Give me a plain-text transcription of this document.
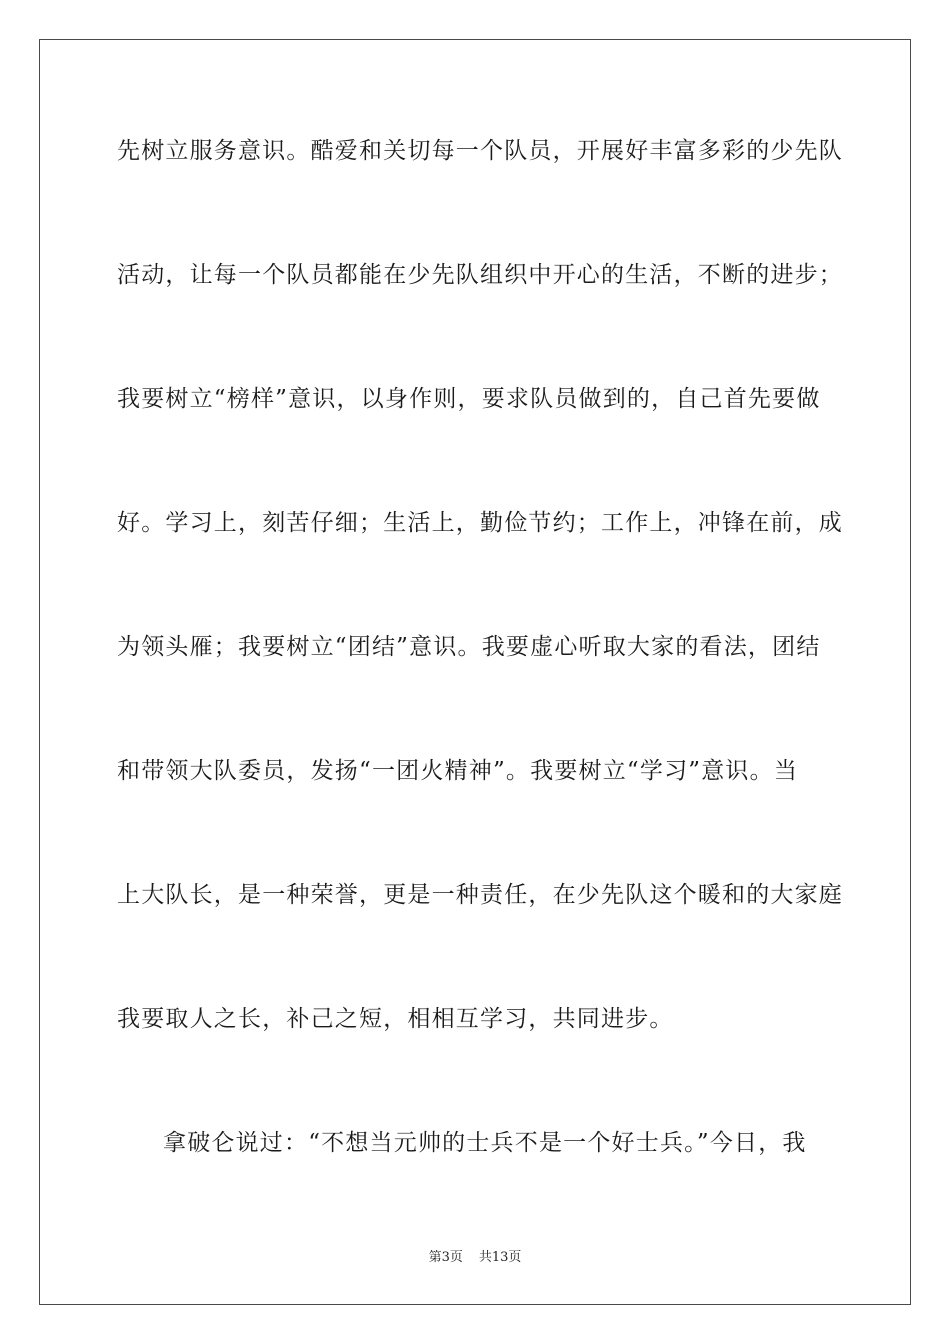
先树立服务意识。酷爱和关切每一个队员，开展好丰富多彩的少先队
活动，让每一个队员都能在少先队组织中开心的生活，不断的进步；
我要树立“榜样”意识，以身作则，要求队员做到的，自己首先要做
好。学习上，刻苦仔细；生活上，勤俭节约；工作上，冲锋在前，成
为领头雁；我要树立“团结”意识。我要虚心听取大家的看法，团结
和带领大队委员，发扬“一团火精神”。我要树立“学习”意识。当
上大队长，是一种荣誉，更是一种责任，在少先队这个暖和的大家庭
我要取人之长，补己之短，相相互学习，共同进步。
拿破仑说过：“不想当元帅的士兵不是一个好士兵。”今日，我
第3页 共13页
